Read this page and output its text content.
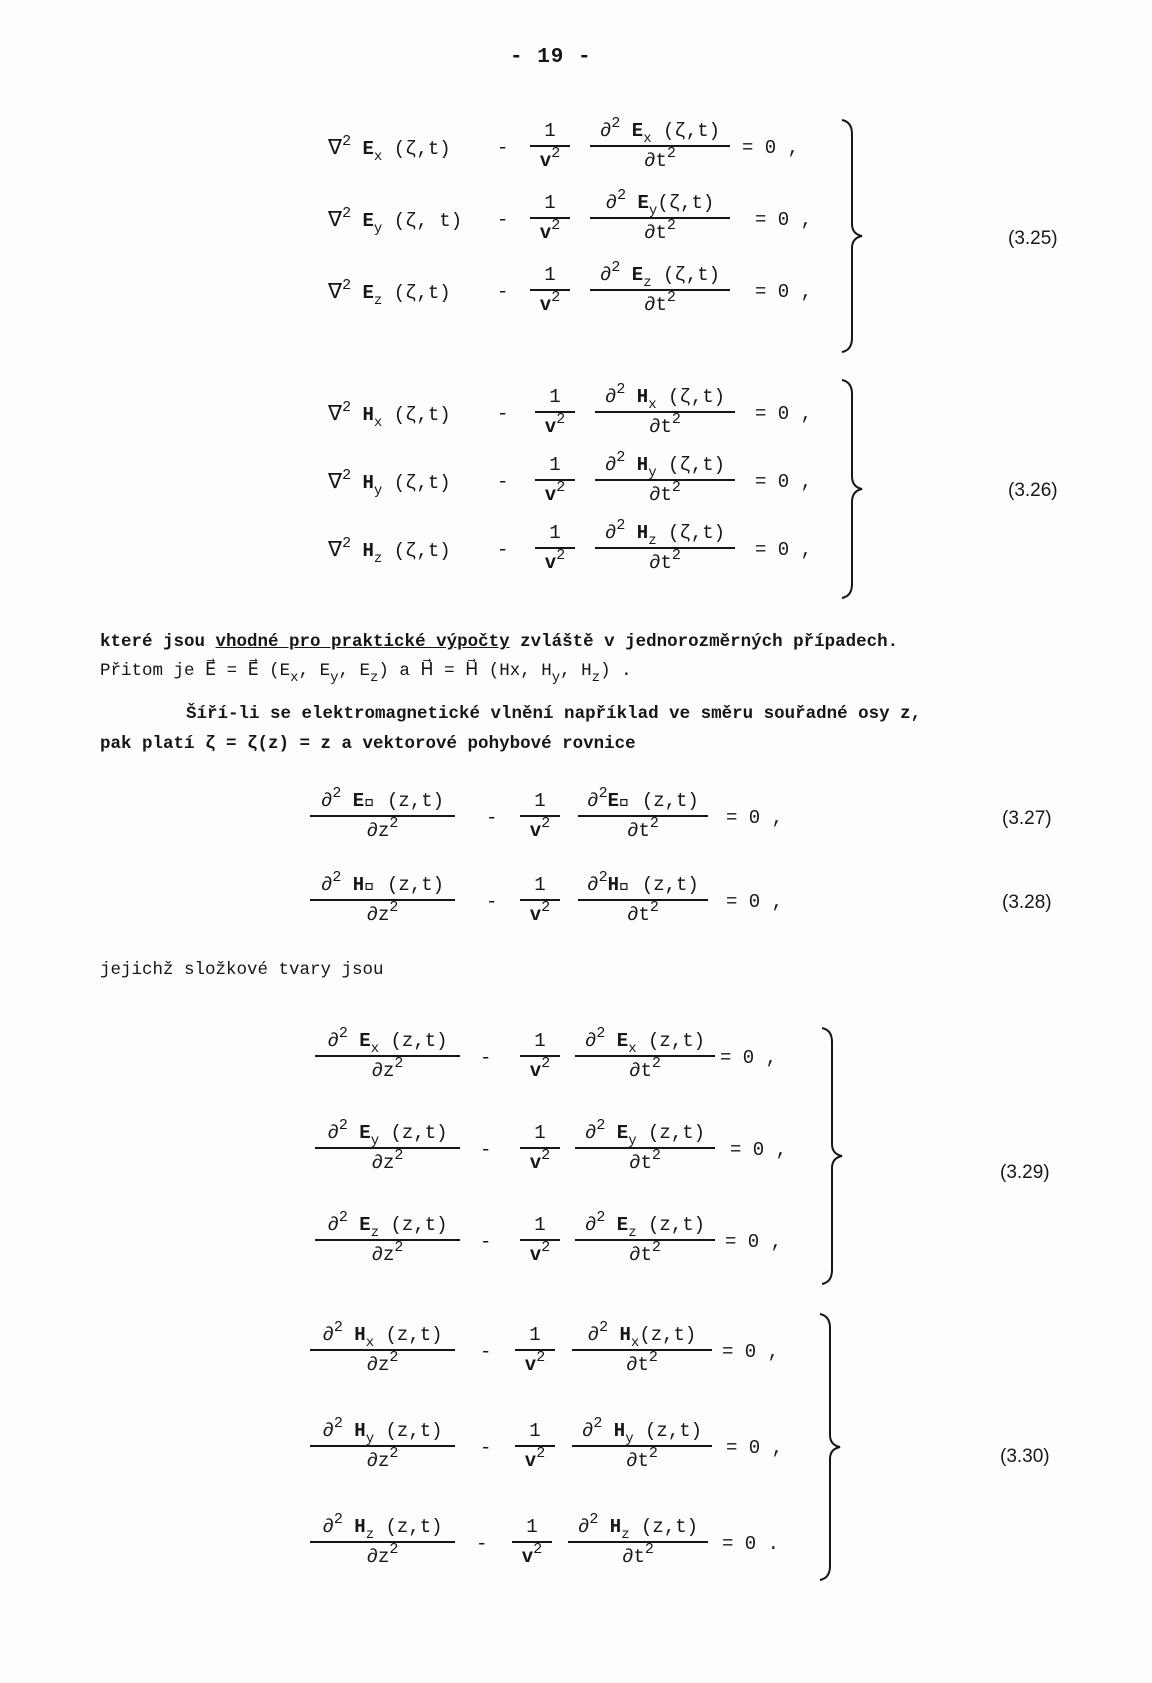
- 19 -
∇$^2$ $E_x$ (ζ,t) -
1
$v^2$
∂$^2$ $E_x$ (ζ,t)
$\partial t^2$	= 0 ,
∇$^2$ $E_y$ (ζ, t) -
1
$v^2$
∂$^2$ $E_y(\zeta,t)$
$\partial t^2$	= 0 ,
∇$^2$ $E_z$ (ζ,t) -
1
$v^2$
∂$^2$ $E_z$ (ζ,t)
$\partial t^2$	= 0 ,
(3.25)
∇$^2$ $H_x$ (ζ,t) -
1
$v^2$
∂$^2$ $H_x$ (ζ,t)
$\partial t^2$	= 0 ,
∇$^2$ $H_y$ (ζ,t) -
1
$v^2$
∂$^2$ $H_y$ (ζ,t)
$\partial t^2$	= 0 ,
∇$^2$ $H_z$ (ζ,t) -
1
$v^2$
∂$^2$ $H_z$ (ζ,t)
$\partial t^2$	= 0 ,
(3.26)
které jsou vhodné pro praktické výpočty zvláště v jednorozměrných případech.
Přitom je E⃗ = E⃗ ($E_x$, $E_y$, $E_z$) a H⃗ = H⃗ (Hx, $H_y$, $H_z$) .
Šíří-li se elektromagnetické vlnění například ve směru souřadné osy z,
pak platí ζ = ζ(z) = z a vektorové pohybové rovnice
∂$^2$ E⃗ (z,t)
$\partial z^2$	-
1
$v^2$
∂$^2$E⃗ (z,t)
$\partial t^2$	= 0 ,	(3.27)
∂$^2$ H⃗ (z,t)
$\partial z^2$	-
1
$v^2$
∂$^2$H⃗ (z,t)
$\partial t^2$	= 0 ,	(3.28)
jejichž složkové tvary jsou
∂$^2$ $E_x$ (z,t)
$\partial z^2$	-
1
$v^2$
∂$^2$ $E_x$ (z,t)
$\partial t^2$	= 0 ,
∂$^2$ $E_y$ (z,t)
$\partial z^2$	-
1
$v^2$
∂$^2$ $E_y$ (z,t)
$\partial t^2$	= 0 ,
∂$^2$ $E_z$ (z,t)
$\partial z^2$	-
1
$v^2$
∂$^2$ $E_z$ (z,t)
$\partial t^2$	= 0 ,
(3.29)
∂$^2$ $H_x$ (z,t)
$\partial z^2$	-
1
$v^2$
∂$^2$ $H_x(z,t)$
$\partial t^2$	= 0 ,
∂$^2$ $H_y$ (z,t)
$\partial z^2$	-
1
$v^2$
∂$^2$ $H_y$ (z,t)
$\partial t^2$	= 0 ,
∂$^2$ $H_z$ (z,t)
$\partial z^2$	-
1
$v^2$
∂$^2$ $H_z$ (z,t)
$\partial t^2$	= 0 .
(3.30)
